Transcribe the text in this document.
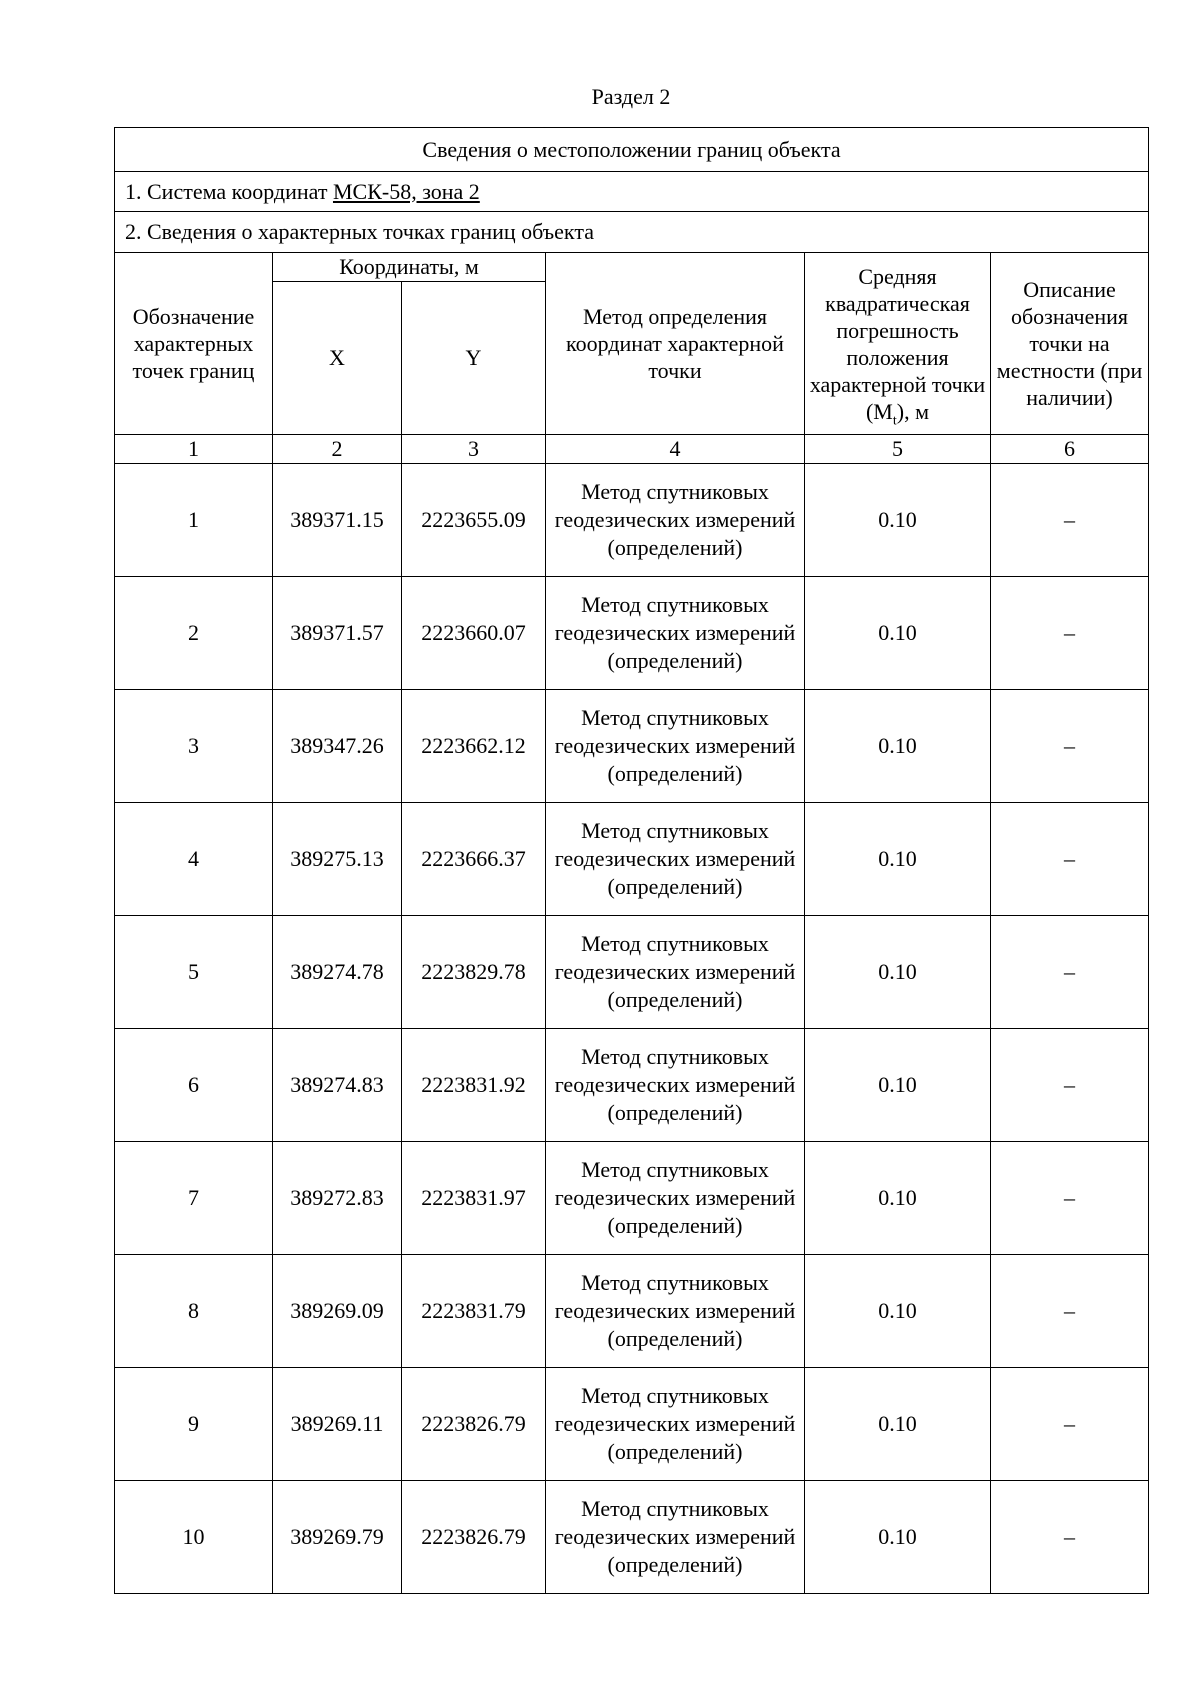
Раздел 2
Сведения о местоположении границ объекта					
1. Система координат МСК-58, зона 2					
2. Сведения о характерных точках границ объекта					
Обозначение характерных точек границ	Координаты, м		Метод определения координат характерной точки	Средняя квадратическая погрешность положения характерной точки $(M_t)$, м	Описание обозначения точки на местности (при наличии)
	X	Y			
1	2	3	4	5	6
1	389371.15	2223655.09	Метод спутниковых геодезических измерений (определений)	0.10	–
2	389371.57	2223660.07	Метод спутниковых геодезических измерений (определений)	0.10	–
3	389347.26	2223662.12	Метод спутниковых геодезических измерений (определений)	0.10	–
4	389275.13	2223666.37	Метод спутниковых геодезических измерений (определений)	0.10	–
5	389274.78	2223829.78	Метод спутниковых геодезических измерений (определений)	0.10	–
6	389274.83	2223831.92	Метод спутниковых геодезических измерений (определений)	0.10	–
7	389272.83	2223831.97	Метод спутниковых геодезических измерений (определений)	0.10	–
8	389269.09	2223831.79	Метод спутниковых геодезических измерений (определений)	0.10	–
9	389269.11	2223826.79	Метод спутниковых геодезических измерений (определений)	0.10	–
10	389269.79	2223826.79	Метод спутниковых геодезических измерений (определений)	0.10	–
